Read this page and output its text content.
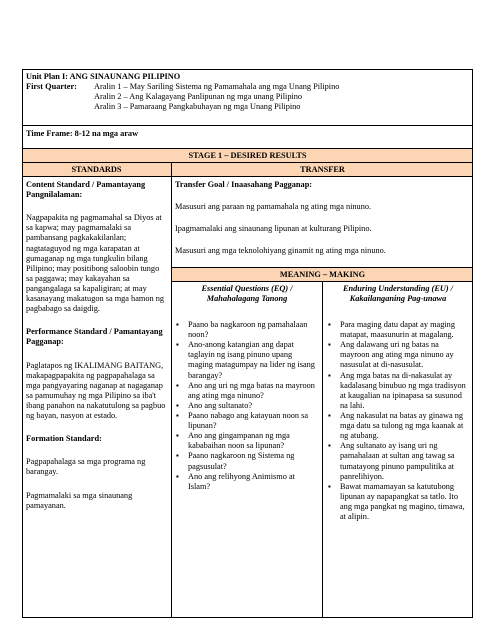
Unit Plan I: ANG SINAUNANG PILIPINO
First Quarter:	Aralin 1 – May Sariling Sistema ng Pamamahala ang mga Unang Pilipino
Aralin 2 – Ang Kalagayang Panlipunan ng mga unang Pilipino
Aralin 3 – Pamaraang Pangkabuhayan ng mga Unang Pilipino
Time Frame: 8-12 na mga araw
STAGE 1 – DESIRED RESULTS
STANDARDS	TRANSFER
Content Standard / Pamantayang Pangnilalaman:
Nagpapakita ng pagmamahal sa Diyos at sa kapwa; may pagmamalaki sa pambansang pagkakakilanlan; nagtataguyod ng mga karapatan at gumaganap ng mga tungkulin bilang Pilipino; may positibong saloobin tungo sa paggawa; may kakayahan sa pangangalaga sa kapaligiran; at may kasanayang makatugon sa mga hamon ng pagbabago sa daigdig.
Performance Standard / Pamantayang Pagganap:
Paglatapos ng IKALIMANG BAITANG, makapagpapakita ng pagpapahalaga sa mga pangyayaring naganap at nagaganap sa pamumuhay ng mga Pilipino sa iba't ibang panahon na nakatutulong sa pagbuo ng bayan, nasyon at estado.
Formation Standard:
Pagpapahalaga sa mga programa ng barangay.
Pagmamalaki sa mga sinaunang pamayanan.
Transfer Goal / Inaasahang Pagganap:
Masusuri ang paraan ng pamamahala ng ating mga ninuno.
Ipagmamalaki ang sinaunang lipunan at kulturang Pilipino.
Masusuri ang mga teknolohiyang ginamit ng ating mga ninuno.
MEANING – MAKING
Essential Questions (EQ) / Mahahalagang Tanong
Enduring Understanding (EU) / Kakailanganing Pag-unawa
▪ Paano ba nagkaroon ng pamahalaan noon?
▪ Ano-anong katangian ang dapat taglayin ng isang pinuno upang maging matagumpay na lider ng isang barangay?
▪ Ano ang uri ng mga batas na mayroon ang ating mga ninuno?
▪ Ano ang sultanato?
▪ Paano nabago ang katayuan noon sa lipunan?
▪ Ano ang gingampanan ng mga kababaihan noon sa lipunan?
▪ Paano nagkaroon ng Sistema ng pagsusulat?
▪ Ano ang relihyong Animismo at Islam?
▪ Para maging datu dapat ay maging matapat, maasunurin at magalang.
▪ Ang dalawang uri ng batas na mayroon ang ating mga ninuno ay nasusulat at di-nasusulat.
▪ Ang mga batas na di-nakasulat ay kadalasang binubuo ng mga tradisyon at kaugalian na ipinapasa sa susunod na lahi.
▪ Ang nakasulat na batas ay ginawa ng mga datu sa tulong ng mga kaanak at ng atubang.
▪ Ang sultanato ay isang uri ng pamahalaan at sultan ang tawag sa tumatayong pinuno pampulitika at panrelihiyon.
▪ Bawat mamamayan sa katutubong lipunan ay napapangkat sa tatlo. Ito ang mga pangkat ng magino, timawa, at alipin.
